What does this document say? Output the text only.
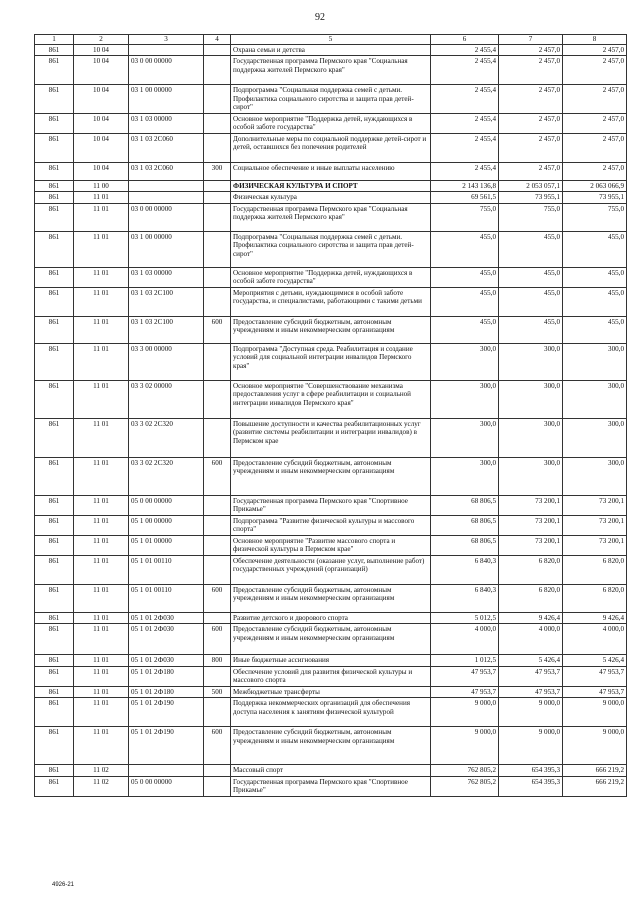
92
1	2	3	4	5	6	7	8
861	10 04			Охрана семьи и детства	2 455,4	2 457,0	2 457,0
861	10 04	03 0 00 00000		Государственная программа Пермского края "Социальная поддержка жителей Пермского края"	2 455,4	2 457,0	2 457,0
861	10 04	03 1 00 00000		Подпрограмма "Социальная поддержка семей с детьми. Профилактика социального сиротства и защита прав детей-сирот"	2 455,4	2 457,0	2 457,0
861	10 04	03 1 03 00000		Основное мероприятие "Поддержка детей, нуждающихся в особой заботе государства"	2 455,4	2 457,0	2 457,0
861	10 04	03 1 03 2С060		Дополнительные меры по социальной поддержке детей-сирот и детей, оставшихся без попечения родителей	2 455,4	2 457,0	2 457,0
861	10 04	03 1 03 2С060	300	Социальное обеспечение и иные выплаты населению	2 455,4	2 457,0	2 457,0
861	11 00			ФИЗИЧЕСКАЯ КУЛЬТУРА И СПОРТ	2 143 136,8	2 053 057,1	2 063 066,9
861	11 01			Физическая культура	69 561,5	73 955,1	73 955,1
861	11 01	03 0 00 00000		Государственная программа Пермского края "Социальная поддержка жителей Пермского края"	755,0	755,0	755,0
861	11 01	03 1 00 00000		Подпрограмма "Социальная поддержка семей с детьми. Профилактика социального сиротства и защита прав детей-сирот"	455,0	455,0	455,0
861	11 01	03 1 03 00000		Основное мероприятие "Поддержка детей, нуждающихся в особой заботе государства"	455,0	455,0	455,0
861	11 01	03 1 03 2С100		Мероприятия с детьми, нуждающимися в особой заботе государства, и специалистами, работающими с такими детьми	455,0	455,0	455,0
861	11 01	03 1 03 2С100	600	Предоставление субсидий бюджетным, автономным учреждениям и иным некоммерческим организациям	455,0	455,0	455,0
861	11 01	03 3 00 00000		Подпрограмма "Доступная среда. Реабилитация и создание условий для социальной интеграции инвалидов Пермского края"	300,0	300,0	300,0
861	11 01	03 3 02 00000		Основное мероприятие "Совершенствование механизма предоставления услуг в сфере реабилитации и социальной интеграции инвалидов Пермского края"	300,0	300,0	300,0
861	11 01	03 3 02 2С320		Повышение доступности и качества реабилитационных услуг (развитие системы реабилитации и интеграции инвалидов) в Пермском крае	300,0	300,0	300,0
861	11 01	03 3 02 2С320	600	Предоставление субсидий бюджетным, автономным учреждениям и иным некоммерческим организациям	300,0	300,0	300,0
861	11 01	05 0 00 00000		Государственная программа Пермского края "Спортивное Прикамье"	68 806,5	73 200,1	73 200,1
861	11 01	05 1 00 00000		Подпрограмма "Развитие физической культуры и массового спорта"	68 806,5	73 200,1	73 200,1
861	11 01	05 1 01 00000		Основное мероприятие "Развитие массового спорта и физической культуры в Пермском крае"	68 806,5	73 200,1	73 200,1
861	11 01	05 1 01 00110		Обеспечение деятельности (оказание услуг, выполнение работ) государственных учреждений (организаций)	6 840,3	6 820,0	6 820,0
861	11 01	05 1 01 00110	600	Предоставление субсидий бюджетным, автономным учреждениям и иным некоммерческим организациям	6 840,3	6 820,0	6 820,0
861	11 01	05 1 01 2Ф030		Развитие детского и дворового спорта	5 012,5	9 426,4	9 426,4
861	11 01	05 1 01 2Ф030	600	Предоставление субсидий бюджетным, автономным учреждениям и иным некоммерческим организациям	4 000,0	4 000,0	4 000,0
861	11 01	05 1 01 2Ф030	800	Иные бюджетные ассигнования	1 012,5	5 426,4	5 426,4
861	11 01	05 1 01 2Ф180		Обеспечение условий для развития физической культуры и массового спорта	47 953,7	47 953,7	47 953,7
861	11 01	05 1 01 2Ф180	500	Межбюджетные трансферты	47 953,7	47 953,7	47 953,7
861	11 01	05 1 01 2Ф190		Поддержка некоммерческих организаций для обеспечения доступа населения к занятиям физической культурой	9 000,0	9 000,0	9 000,0
861	11 01	05 1 01 2Ф190	600	Предоставление субсидий бюджетным, автономным учреждениям и иным некоммерческим организациям	9 000,0	9 000,0	9 000,0
861	11 02			Массовый спорт	762 805,2	654 395,3	666 219,2
861	11 02	05 0 00 00000		Государственная программа Пермского края "Спортивное Прикамье"	762 805,2	654 395,3	666 219,2
4926-21
